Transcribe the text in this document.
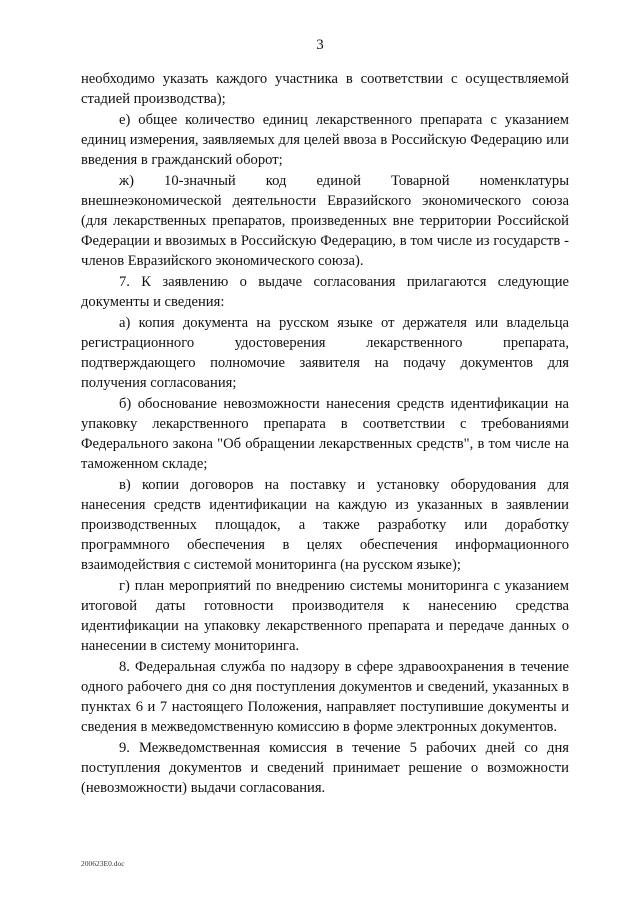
3

необходимо указать каждого участника в соответствии с осуществляемой стадией производства);

е) общее количество единиц лекарственного препарата с указанием единиц измерения, заявляемых для целей ввоза в Российскую Федерацию или введения в гражданский оборот;

ж) 10-значный код единой Товарной номенклатуры внешнеэкономической деятельности Евразийского экономического союза (для лекарственных препаратов, произведенных вне территории Российской Федерации и ввозимых в Российскую Федерацию, в том числе из государств - членов Евразийского экономического союза).

7. К заявлению о выдаче согласования прилагаются следующие документы и сведения:

а) копия документа на русском языке от держателя или владельца регистрационного удостоверения лекарственного препарата, подтверждающего полномочие заявителя на подачу документов для получения согласования;

б) обоснование невозможности нанесения средств идентификации на упаковку лекарственного препарата в соответствии с требованиями Федерального закона "Об обращении лекарственных средств", в том числе на таможенном складе;

в) копии договоров на поставку и установку оборудования для нанесения средств идентификации на каждую из указанных в заявлении производственных площадок, а также разработку или доработку программного обеспечения в целях обеспечения информационного взаимодействия с системой мониторинга (на русском языке);

г) план мероприятий по внедрению системы мониторинга с указанием итоговой даты готовности производителя к нанесению средства идентификации на упаковку лекарственного препарата и передаче данных о нанесении в систему мониторинга.

8. Федеральная служба по надзору в сфере здравоохранения в течение одного рабочего дня со дня поступления документов и сведений, указанных в пунктах 6 и 7 настоящего Положения, направляет поступившие документы и сведения в межведомственную комиссию в форме электронных документов.

9. Межведомственная комиссия в течение 5 рабочих дней со дня поступления документов и сведений принимает решение о возможности (невозможности) выдачи согласования.

200623E0.doc
